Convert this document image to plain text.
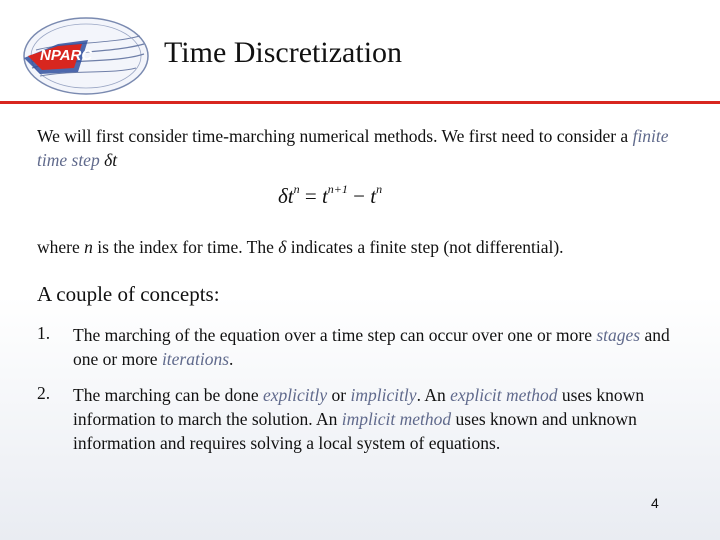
NPARC Time Discretization
We will first consider time-marching numerical methods. We first need to consider a finite time step δt
$\delta t^n = t^{n+1} - t^n$
where n is the index for time. The δ indicates a finite step (not differential).
A couple of concepts:
1. The marching of the equation over a time step can occur over one or more stages and one or more iterations.
2. The marching can be done explicitly or implicitly. An explicit method uses known information to march the solution. An implicit method uses known and unknown information and requires solving a local system of equations.
4
